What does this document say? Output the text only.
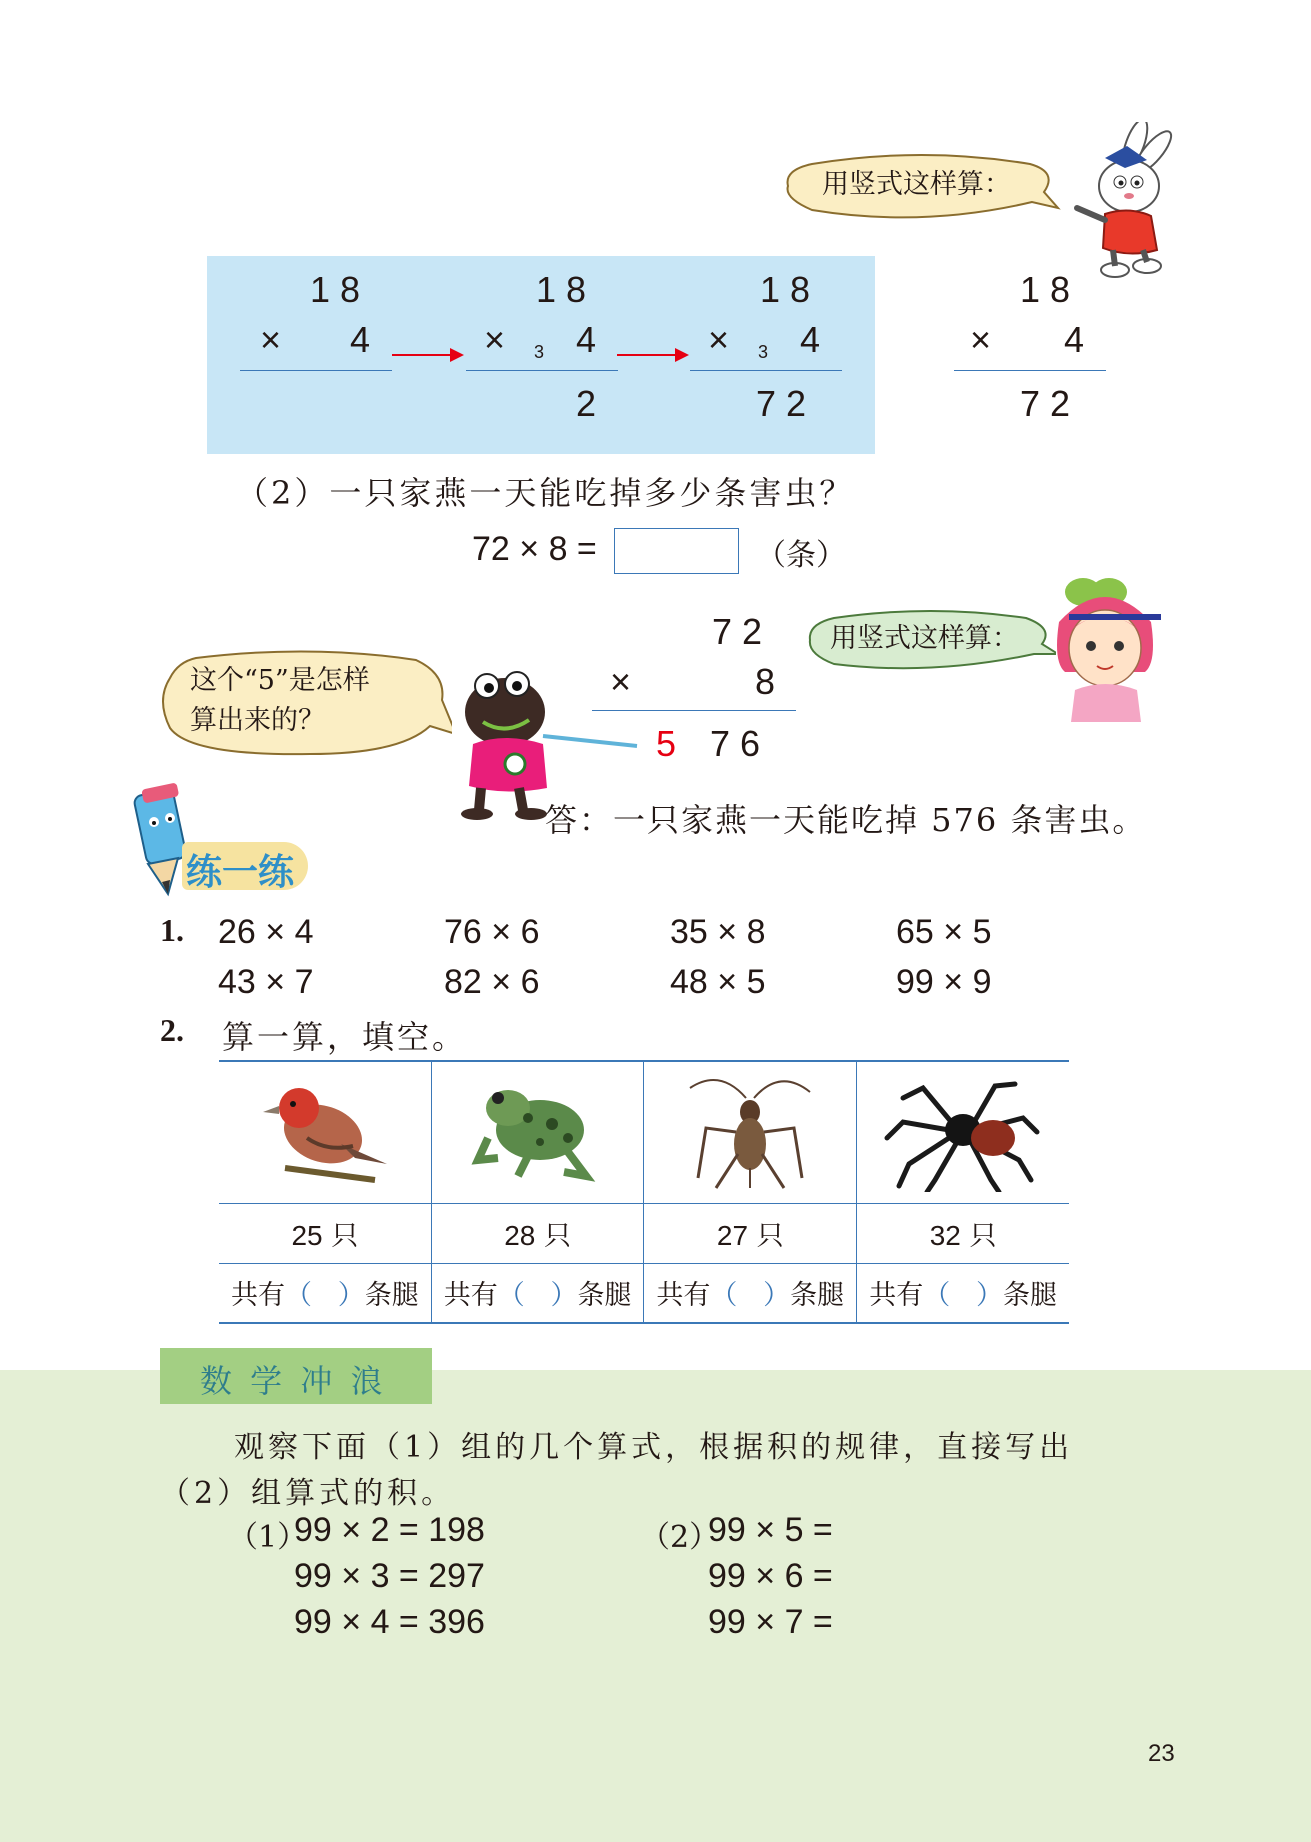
用竖式这样算：
1 8
× 4
1 8
× 3 4
2
1 8
× 3 4
7 2
1 8
× 4
7 2
（2）一只家燕一天能吃掉多少条害虫？
72 × 8 =	（条）
用竖式这样算：
这个“5”是怎样
算出来的？
7 2
×	8
5 7 6
答：一只家燕一天能吃掉 576 条害虫。
练一练
1. 26 × 4	76 × 6	35 × 8	65 × 5
43 × 7	82 × 6	48 × 5	99 × 9
2. 算一算，填空。

25 只	28 只	27 只	32 只
共有（   ）条腿	共有（   ）条腿	共有（   ）条腿	共有（   ）条腿
数 学 冲 浪
观察下面（1）组的几个算式，根据积的规律，直接写出
（2）组算式的积。
（1）
99 × 2 = 198
99 × 3 = 297
99 × 4 = 396
（2）
99 × 5 =
99 × 6 =
99 × 7 =
23
